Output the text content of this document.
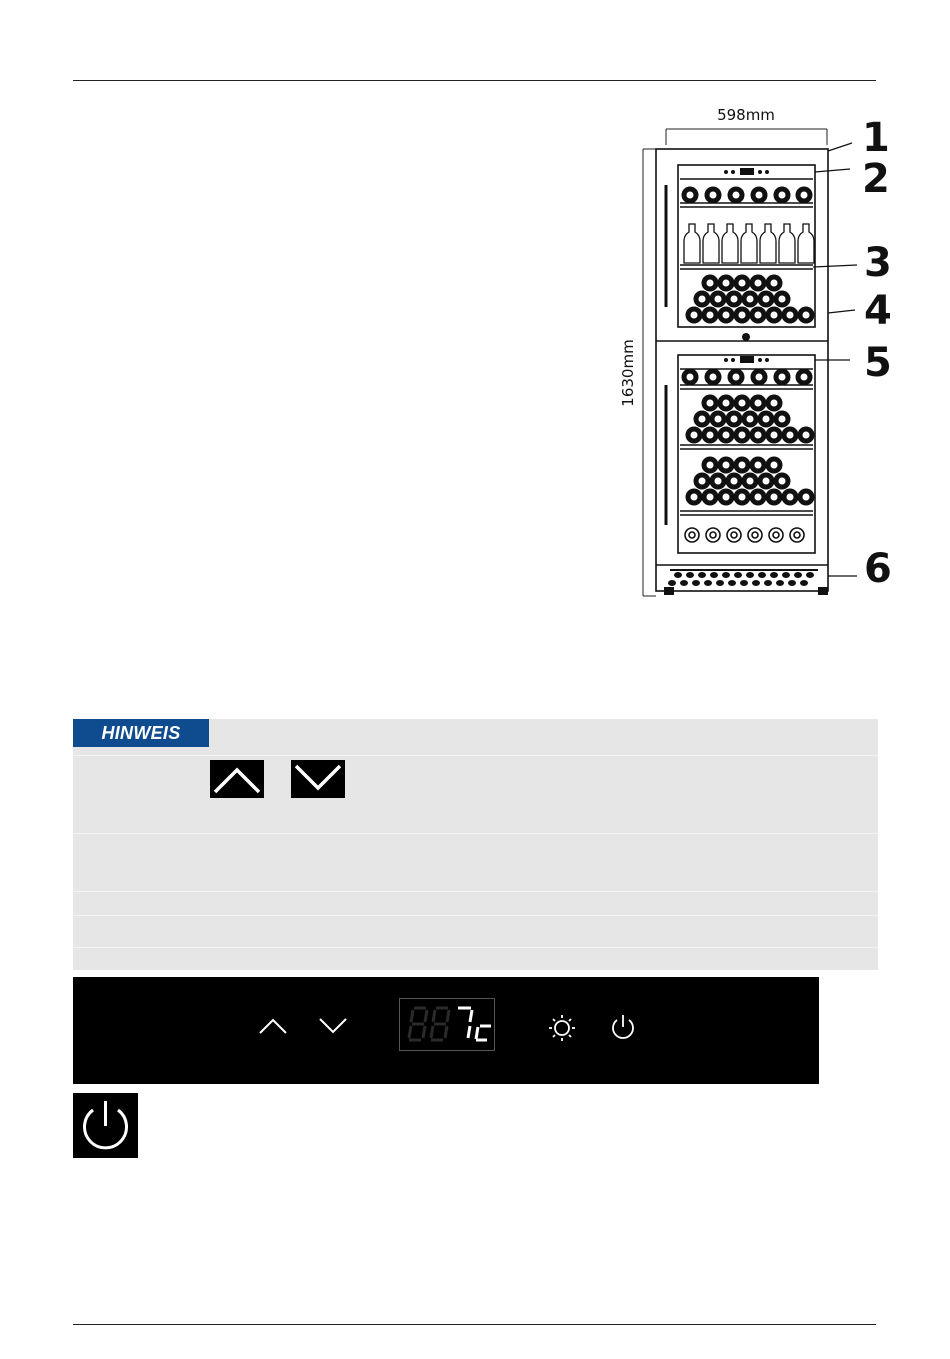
598mm
1630mm
1
2
3
4
5
6
HINWEIS
